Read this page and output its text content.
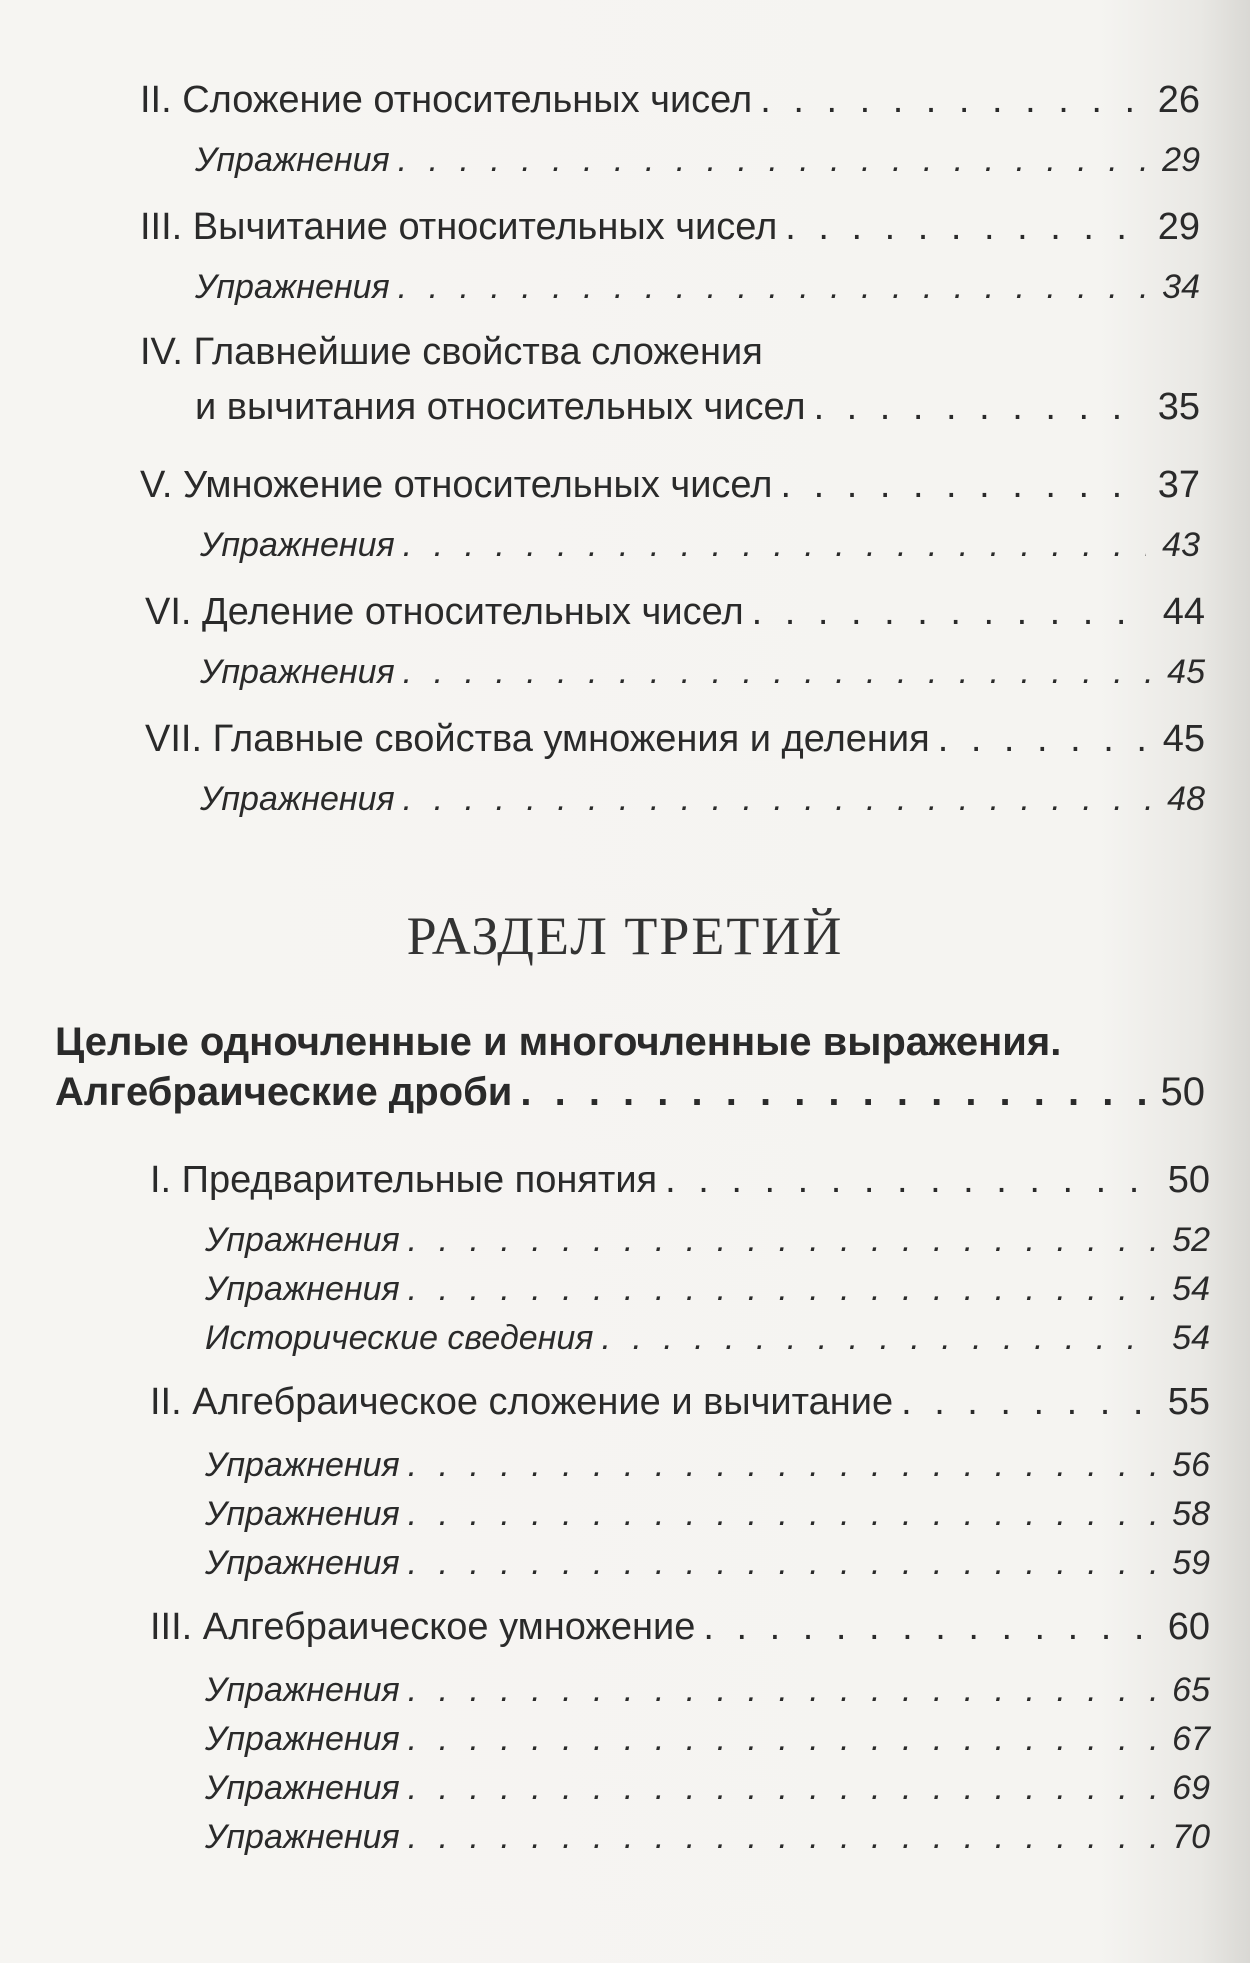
II. Сложение относительных чисел . . .	26
Упражнения . . .	29
III. Вычитание относительных чисел . . .	29
Упражнения . . .	34
IV. Главнейшие свойства сложения
и вычитания относительных чисел . . .	35
V. Умножение относительных чисел . . .	37
Упражнения . . .	43
VI. Деление относительных чисел . . .	44
Упражнения . . .	45
VII. Главные свойства умножения и деления . . .	45
Упражнения . . .	48
РАЗДЕЛ ТРЕТИЙ
Целые одночленные и многочленные выражения.
Алгебраические дроби . . .	50
I. Предварительные понятия . . .	50
Упражнения . . .	52
Упражнения . . .	54
Исторические сведения . . .	54
II. Алгебраическое сложение и вычитание . . .	55
Упражнения . . .	56
Упражнения . . .	58
Упражнения . . .	59
III. Алгебраическое умножение . . .	60
Упражнения . . .	65
Упражнения . . .	67
Упражнения . . .	69
Упражнения . . .	70
